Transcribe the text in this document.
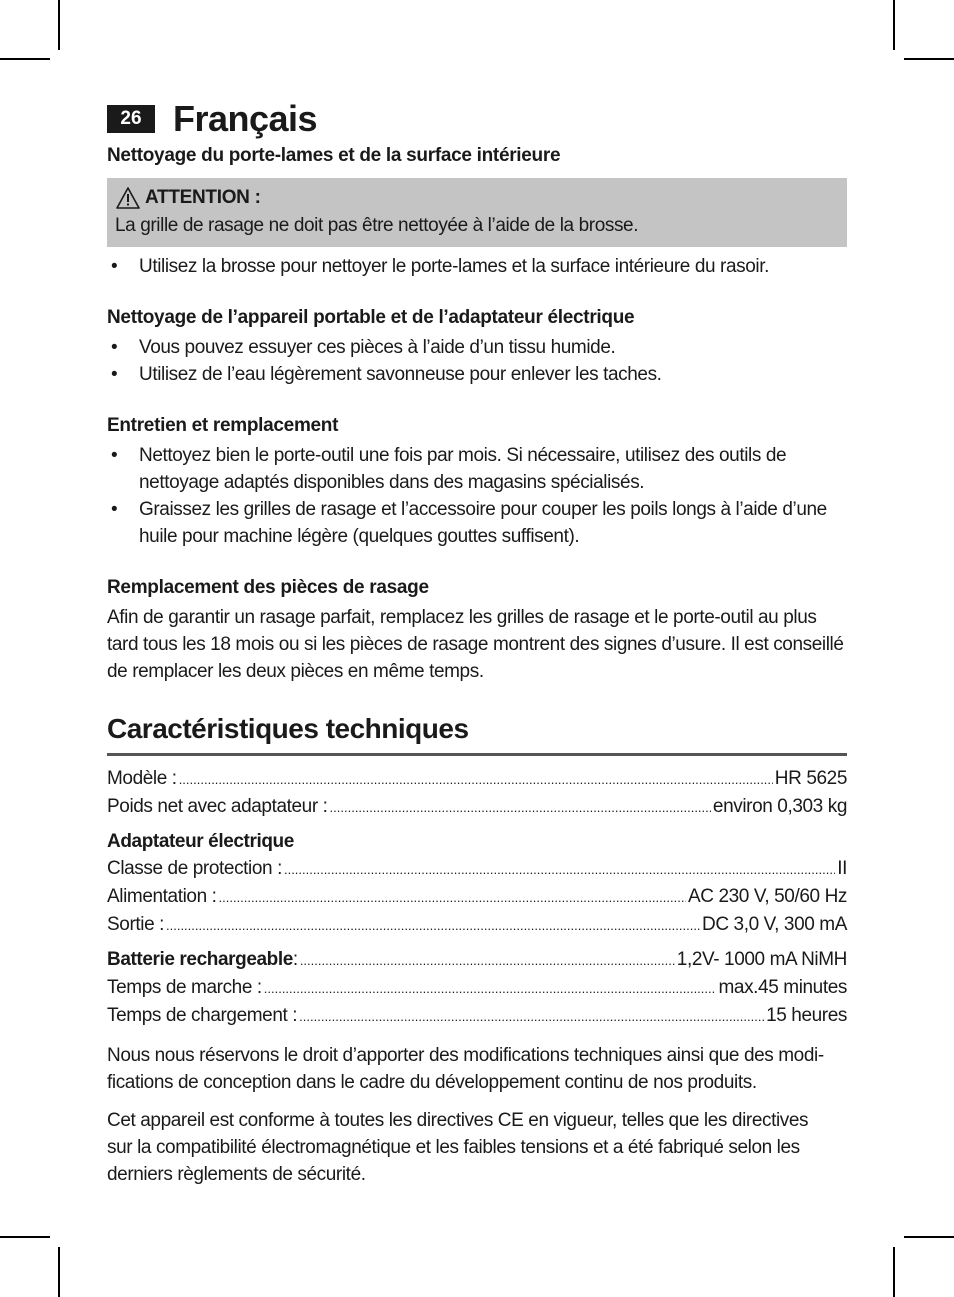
26 Français

Nettoyage du porte-lames et de la surface intérieure

ATTENTION :
La grille de rasage ne doit pas être nettoyée à l’aide de la brosse.
• Utilisez la brosse pour nettoyer le porte-lames et la surface intérieure du rasoir.

Nettoyage de l’appareil portable et de l’adaptateur électrique

• Vous pouvez essuyer ces pièces à l’aide d’un tissu humide.
• Utilisez de l’eau légèrement savonneuse pour enlever les taches.

Entretien et remplacement

• Nettoyez bien le porte-outil une fois par mois. Si nécessaire, utilisez des outils de
nettoyage adaptés disponibles dans des magasins spécialisés.
• Graissez les grilles de rasage et l’accessoire pour couper les poils longs à l’aide d’une
huile pour machine légère (quelques gouttes suffisent).

Remplacement des pièces de rasage

Afin de garantir un rasage parfait, remplacez les grilles de rasage et le porte-outil au plus
tard tous les 18 mois ou si les pièces de rasage montrent des signes d’usure. Il est conseillé
de remplacer les deux pièces en même temps.

Caractéristiques techniques
Modèle : .....	HR 5625
Poids net avec adaptateur : .....	environ 0,303 kg
Adaptateur électrique
Classe de protection : .....	II
Alimentation : .....	AC 230 V, 50/60 Hz
Sortie : .....	DC 3,0 V, 300 mA
Batterie rechargeable : .....	1,2V- 1000 mA NiMH
Temps de marche : .....	max.45 minutes
Temps de chargement : .....	15 heures

Nous nous réservons le droit d’apporter des modifications techniques ainsi que des modi-
fications de conception dans le cadre du développement continu de nos produits.

Cet appareil est conforme à toutes les directives CE en vigueur, telles que les directives
sur la compatibilité électromagnétique et les faibles tensions et a été fabriqué selon les
derniers règlements de sécurité.
